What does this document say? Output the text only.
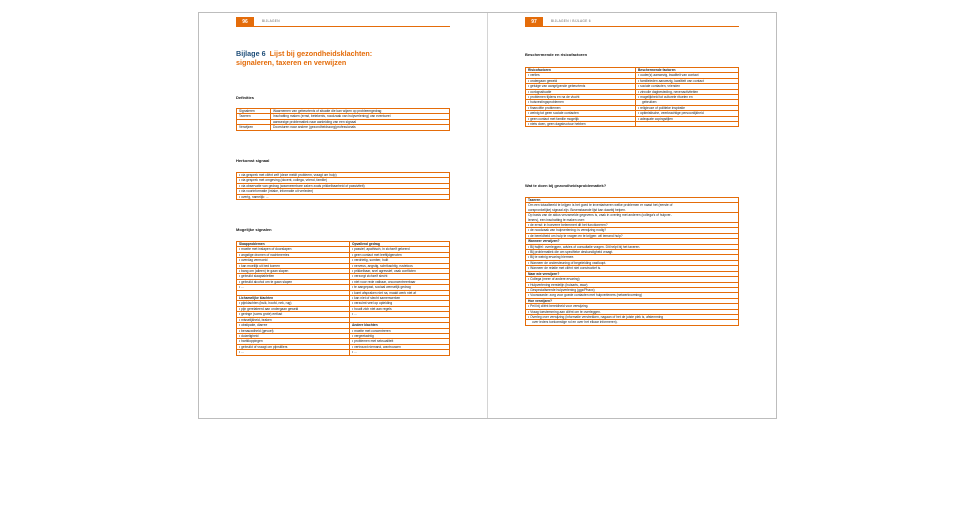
96	BIJLAGEN
Bijlage 6 Lijst bij gezondheidsklachten:
signaleren, taxeren en verwijzen
Definities
Signaleren	Waarnemen van gebeurtenis of situatie die kan wijzen op probleemgedrag
Taxeren	Inschatting maken (ernst, betekenis, noodzaak van hulpverlening) van eventueel
	aanwezige problematiek naar aanleiding van een signaal
Verwijzen	Doorsturen naar andere (gezondheidszorg)professionals
Herkomst signaal
• via gesprek met cliënt zelf (deze meldt probleem, vraagt om hulp)
• via gesprek met omgeving (docent, collega, vriend, familie)
• via observatie van gedrag (waarneembare zaken zoals prikkelbaarheid of passiviteit)
• via voorinformatie (intake, informatie uit verleden)
• overig, namelijk: ...
Mogelijke signalen
Slaapproblemen	Opvallend gedrag
• moeite met inslapen of doorslapen	• passief, apathisch, in zichzelf gekeerd
• angstige dromen of nachtmerries	• geen contact met leeftijdgenoten
• overdag vermoeid	• verdrietig, somber, huilt
• kan moeilijk uit bed komen	• nerveus, angstig, schrikachtig, rusteloos
• bang om (alleen) te gaan slapen	• prikkelbaar, snel agressief, vaak conflicten
• gebruikt slaaptabletten	• verzorgt zichzelf slecht
• gebruikt alcohol om te gaan slapen	• niet voor rede vatbaar, onconcentreerbaar
• ...	• te aangepast, sociaal wenselijk gedrag
	• komt afspraken niet na, maakt werk niet af
Lichamelijke klachten	• kan niet of slecht samenwerken
• pijnklachten (buik, hoofd, nek, rug)	• verzuimt veel op opleiding
• pijn gerelateerd aan ondergaan geweld	• houdt zich niet aan regels
• geringe (soms grote) eetlust	• ...
• misselijkheid, braken	
• obstipatie, diarree	Andere klachten
• benauwdheid (gevoel)	• moeite met concentreren
• duizeligheid	• vergeetachtig
• hartkloppingen	• problemen met seksualiteit
• gebruikt of vraagt om pijnstillers	• vertrouwt niemand, wantrouwen
• ...	• ...
97	BIJLAGEN / BIJLAGE 6
Beschermende en risicofactoren
Risicofactoren	Beschermende factoren
• verlies	• ouder(s) aanwezig, kwaliteit van contact
• ondergaan geweld	• familieleden aanwezig, kwaliteit van contact
• getuige van aangrijpende gebeurtenis	• sociale contacten, vrienden
• oorlogssituatie	• zinvolle dagbesteding, nevenactiviteiten
• problemen tijdens en na de vlucht	• mogelijkheid tot culturele rituelen en
• huisvestingsproblemen	gebruiken
• financiële problemen	• religieuze of politieke inspiratie
• weinig tot geen sociale contacten	• optimistische, veerkrachtige persoonlijkheid
• geen contact met familie mogelijk	• adequate copingstijlen
• niets doen, geen dagstructuur hebben	
Wat te doen bij gezondheidsproblematiek?
Taxeren
Om een totaalbeeld te krijgen is het goed te inventariseren welke problemen er naast het (eerste of
oorspronkelijke) signaal zijn. Bovenstaande lijst kan daarbij helpen.
Op basis van de aldus verzamelde gegevens is, vaak in overleg met anderen (collega's of hulpver-
leners), een inschatting te maken over:
• de ernst: in hoeverre belemmert dit het functioneren?
• de noodzaak van hulpverlening: is verwijzing nodig?
• de bereidheid om hulp te vragen en te krijgen: wil iemand hulp?
Wanneer verwijzen?
• Bij twijfel: overleggen, advies of consultatie vragen. Dit helpt bij het taxeren.
• Bij problematiek die om specifieke deskundigheid vraagt.
• Bij te weinig ervaring hiermee.
• Wanneer de ondersteuning of begeleiding vastloopt.
• Wanneer de relatie met cliënt niet constructief is.
Naar wie verwijzen?
• Collega (meer of andere ervaring)
• Hulpverlening eerstelijn (huisarts, aww)
• Gespecialiseerde hulpverlening (ggz/Phaxx)
• Voorwaarde: zorg voor goede contacten met hulpverleners (netwerkvorming)
Hoe verwijzen?
• Peil bij cliënt bereidheid voor verwijzing.
• Vraag toestemming aan cliënt om te overleggen.
• Overleg over verwijzing (informatie verstrekken, nagaan of het de juiste plek is, afstemming
over ieders toekomstige rol en over het elkaar informeren).
